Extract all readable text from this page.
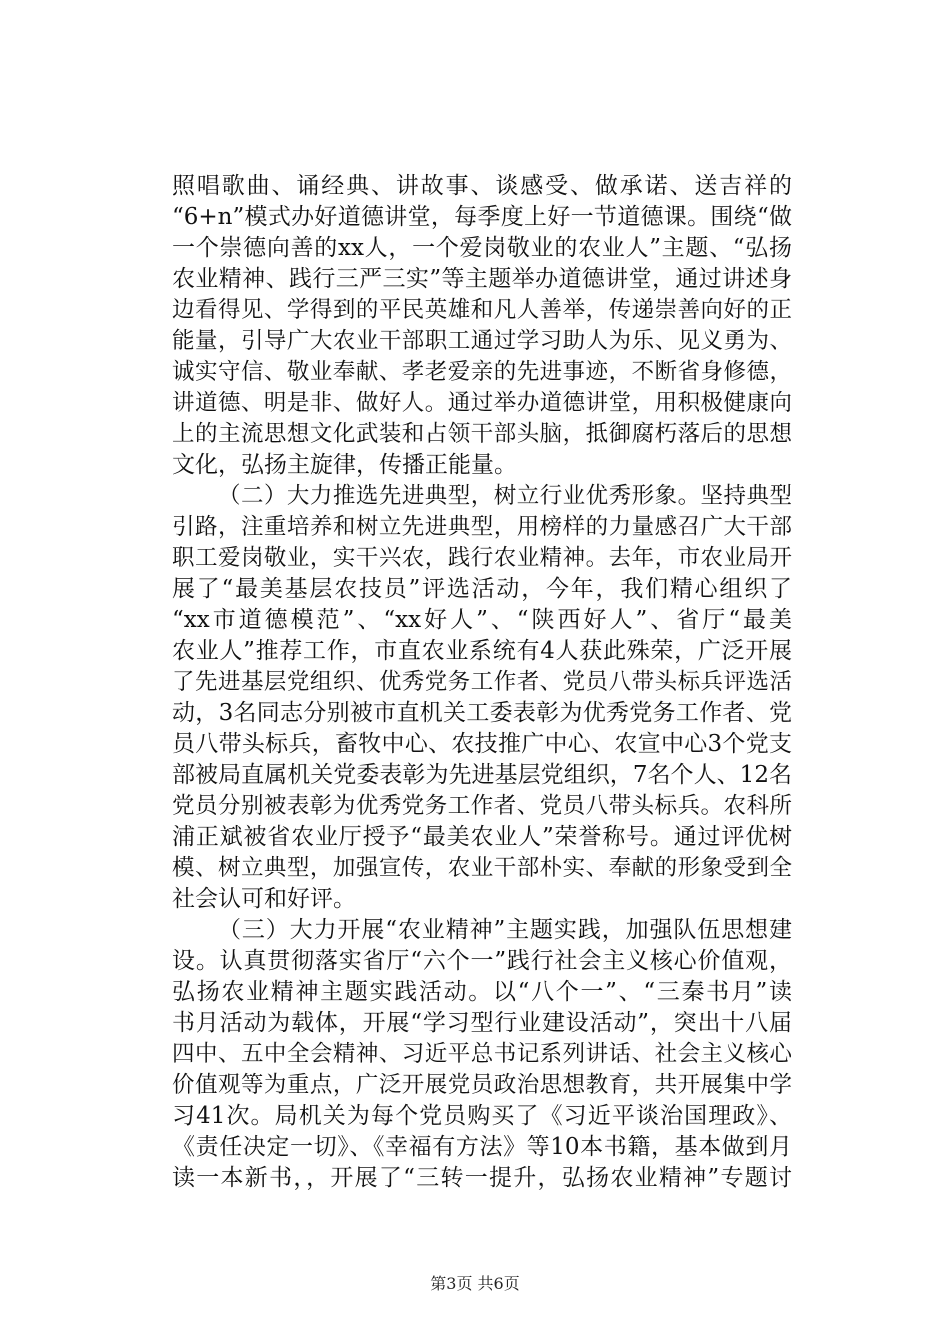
照唱歌曲、诵经典、讲故事、谈感受、做承诺、送吉祥的
“6+n”模式办好道德讲堂，每季度上好一节道德课。围绕“做
一个崇德向善的xx人，一个爱岗敬业的农业人”主题、“弘扬
农业精神、践行三严三实”等主题举办道德讲堂，通过讲述身
边看得见、学得到的平民英雄和凡人善举，传递崇善向好的正
能量，引导广大农业干部职工通过学习助人为乐、见义勇为、
诚实守信、敬业奉献、孝老爱亲的先进事迹，不断省身修德，
讲道德、明是非、做好人。通过举办道德讲堂，用积极健康向
上的主流思想文化武装和占领干部头脑，抵御腐朽落后的思想
文化，弘扬主旋律，传播正能量。
（二）大力推选先进典型，树立行业优秀形象。坚持典型
引路，注重培养和树立先进典型，用榜样的力量感召广大干部
职工爱岗敬业，实干兴农，践行农业精神。去年，市农业局开
展了“最美基层农技员”评选活动，今年，我们精心组织了
“xx市道德模范”、“xx好人”、“陕西好人”、省厅“最美
农业人”推荐工作，市直农业系统有4人获此殊荣，广泛开展
了先进基层党组织、优秀党务工作者、党员八带头标兵评选活
动，3名同志分别被市直机关工委表彰为优秀党务工作者、党
员八带头标兵，畜牧中心、农技推广中心、农宣中心3个党支
部被局直属机关党委表彰为先进基层党组织，7名个人、12名
党员分别被表彰为优秀党务工作者、党员八带头标兵。农科所
浦正斌被省农业厅授予“最美农业人”荣誉称号。通过评优树
模、树立典型，加强宣传，农业干部朴实、奉献的形象受到全
社会认可和好评。
（三）大力开展“农业精神”主题实践，加强队伍思想建
设。认真贯彻落实省厅“六个一”践行社会主义核心价值观，
弘扬农业精神主题实践活动。以“八个一”、“三秦书月”读
书月活动为载体，开展“学习型行业建设活动”，突出十八届
四中、五中全会精神、习近平总书记系列讲话、社会主义核心
价值观等为重点，广泛开展党员政治思想教育，共开展集中学
习41次。局机关为每个党员购买了《习近平谈治国理政》、
《责任决定一切》、《幸福有方法》等10本书籍，基本做到月
读一本新书，，开展了“三转一提升，弘扬农业精神”专题讨
第3页 共6页
